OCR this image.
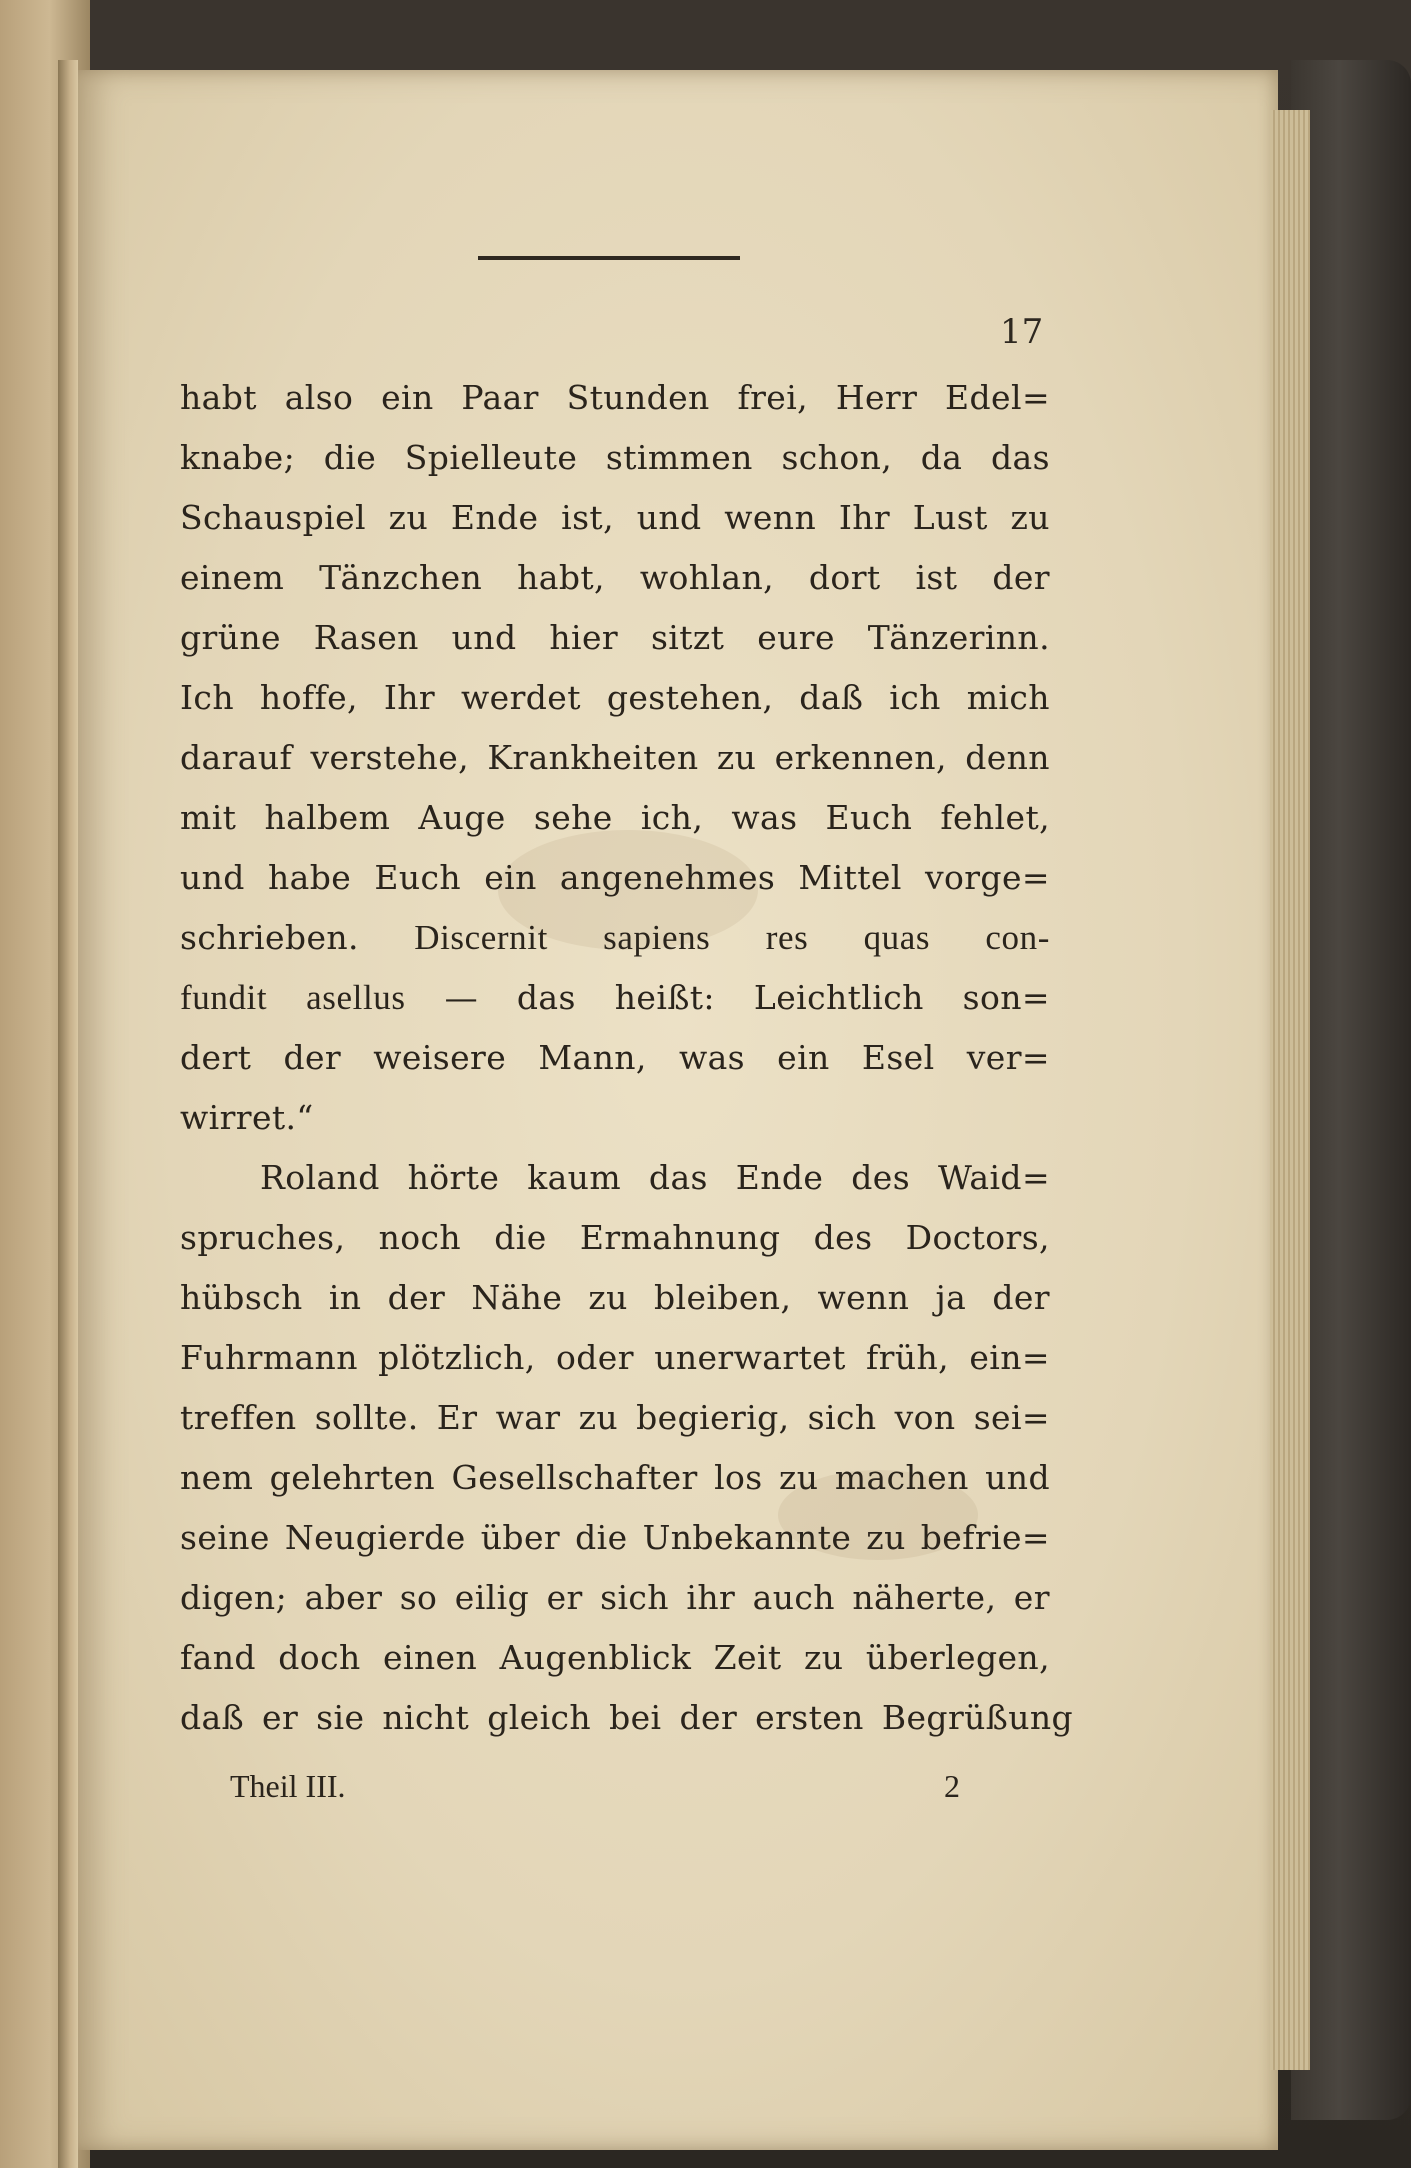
17
habt also ein Paar Stunden frei, Herr Edel=
knabe; die Spielleute stimmen schon, da das
Schauspiel zu Ende ist, und wenn Ihr Lust zu
einem Tänzchen habt, wohlan, dort ist der
grüne Rasen und hier sitzt eure Tänzerinn.
Ich hoffe, Ihr werdet gestehen, daß ich mich
darauf verstehe, Krankheiten zu erkennen, denn
mit halbem Auge sehe ich, was Euch fehlet,
und habe Euch ein angenehmes Mittel vorge=
schrieben. Discernit sapiens res quas con-
fundit asellus — das heißt: Leichtlich son=
dert der weisere Mann, was ein Esel ver=
wirret.“
Roland hörte kaum das Ende des Waid=
spruches, noch die Ermahnung des Doctors,
hübsch in der Nähe zu bleiben, wenn ja der
Fuhrmann plötzlich, oder unerwartet früh, ein=
treffen sollte. Er war zu begierig, sich von sei=
nem gelehrten Gesellschafter los zu machen und
seine Neugierde über die Unbekannte zu befrie=
digen; aber so eilig er sich ihr auch näherte, er
fand doch einen Augenblick Zeit zu überlegen,
daß er sie nicht gleich bei der ersten Begrüßung
Theil III.	2
